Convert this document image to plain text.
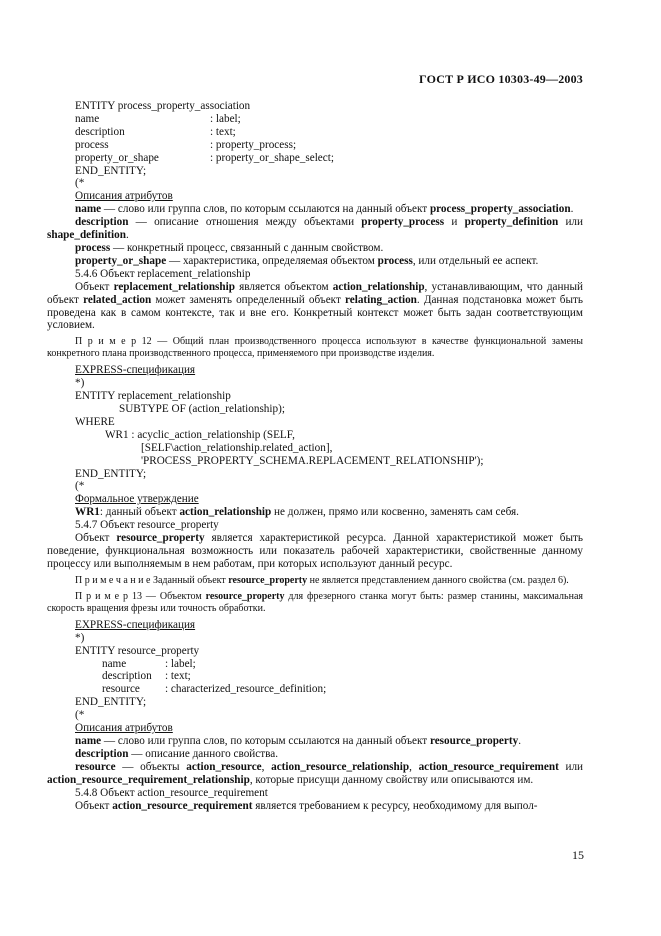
ГОСТ Р ИСО 10303-49—2003
ENTITY process_property_association
name	: label;
description	: text;
process	: property_process;
property_or_shape	: property_or_shape_select;
END_ENTITY;
(*
Описания атрибутов

name — слово или группа слов, по которым ссылаются на данный объект process_property_association.

description — описание отношения между объектами property_process и property_definition или shape_definition.

process — конкретный процесс, связанный с данным свойством.

property_or_shape — характеристика, определяемая объектом process, или отдельный ее аспект.

5.4.6 Объект replacement_relationship

Объект replacement_relationship является объектом action_relationship, устанавливающим, что данный объект related_action может заменять определенный объект relating_action. Данная подстановка может быть проведена как в самом контексте, так и вне его. Конкретный контекст может быть задан соответствующим условием.

П р и м е р 12 — Общий план производственного процесса используют в качестве функциональной замены конкретного плана производственного процесса, применяемого при производстве изделия.

EXPRESS-спецификация
*)
ENTITY replacement_relationship
SUBTYPE OF (action_relationship);
WHERE
WR1 : acyclic_action_relationship (SELF,
[SELF\action_relationship.related_action],
'PROCESS_PROPERTY_SCHEMA.REPLACEMENT_RELATIONSHIP');
END_ENTITY;
(*
Формальное утверждение

WR1: данный объект action_relationship не должен, прямо или косвенно, заменять сам себя.

5.4.7 Объект resource_property

Объект resource_property является характеристикой ресурса. Данной характеристикой может быть поведение, функциональная возможность или показатель рабочей характеристики, свойственные данному процессу или выполняемым в нем работам, при которых используют данный ресурс.

П р и м е ч а н и е Заданный объект resource_property не является представлением данного свойства (см. раздел 6).

П р и м е р 13 — Объектом resource_property для фрезерного станка могут быть: размер станины, максимальная скорость вращения фрезы или точность обработки.

EXPRESS-спецификация
*)
ENTITY resource_property
name	: label;
description	: text;
resource	: characterized_resource_definition;
END_ENTITY;
(*
Описания атрибутов

name — слово или группа слов, по которым ссылаются на данный объект resource_property.

description — описание данного свойства.

resource — объекты action_resource, action_resource_relationship, action_resource_requirement или action_resource_requirement_relationship, которые присущи данному свойству или описываются им.

5.4.8 Объект action_resource_requirement

Объект action_resource_requirement является требованием к ресурсу, необходимому для выпол-

15
